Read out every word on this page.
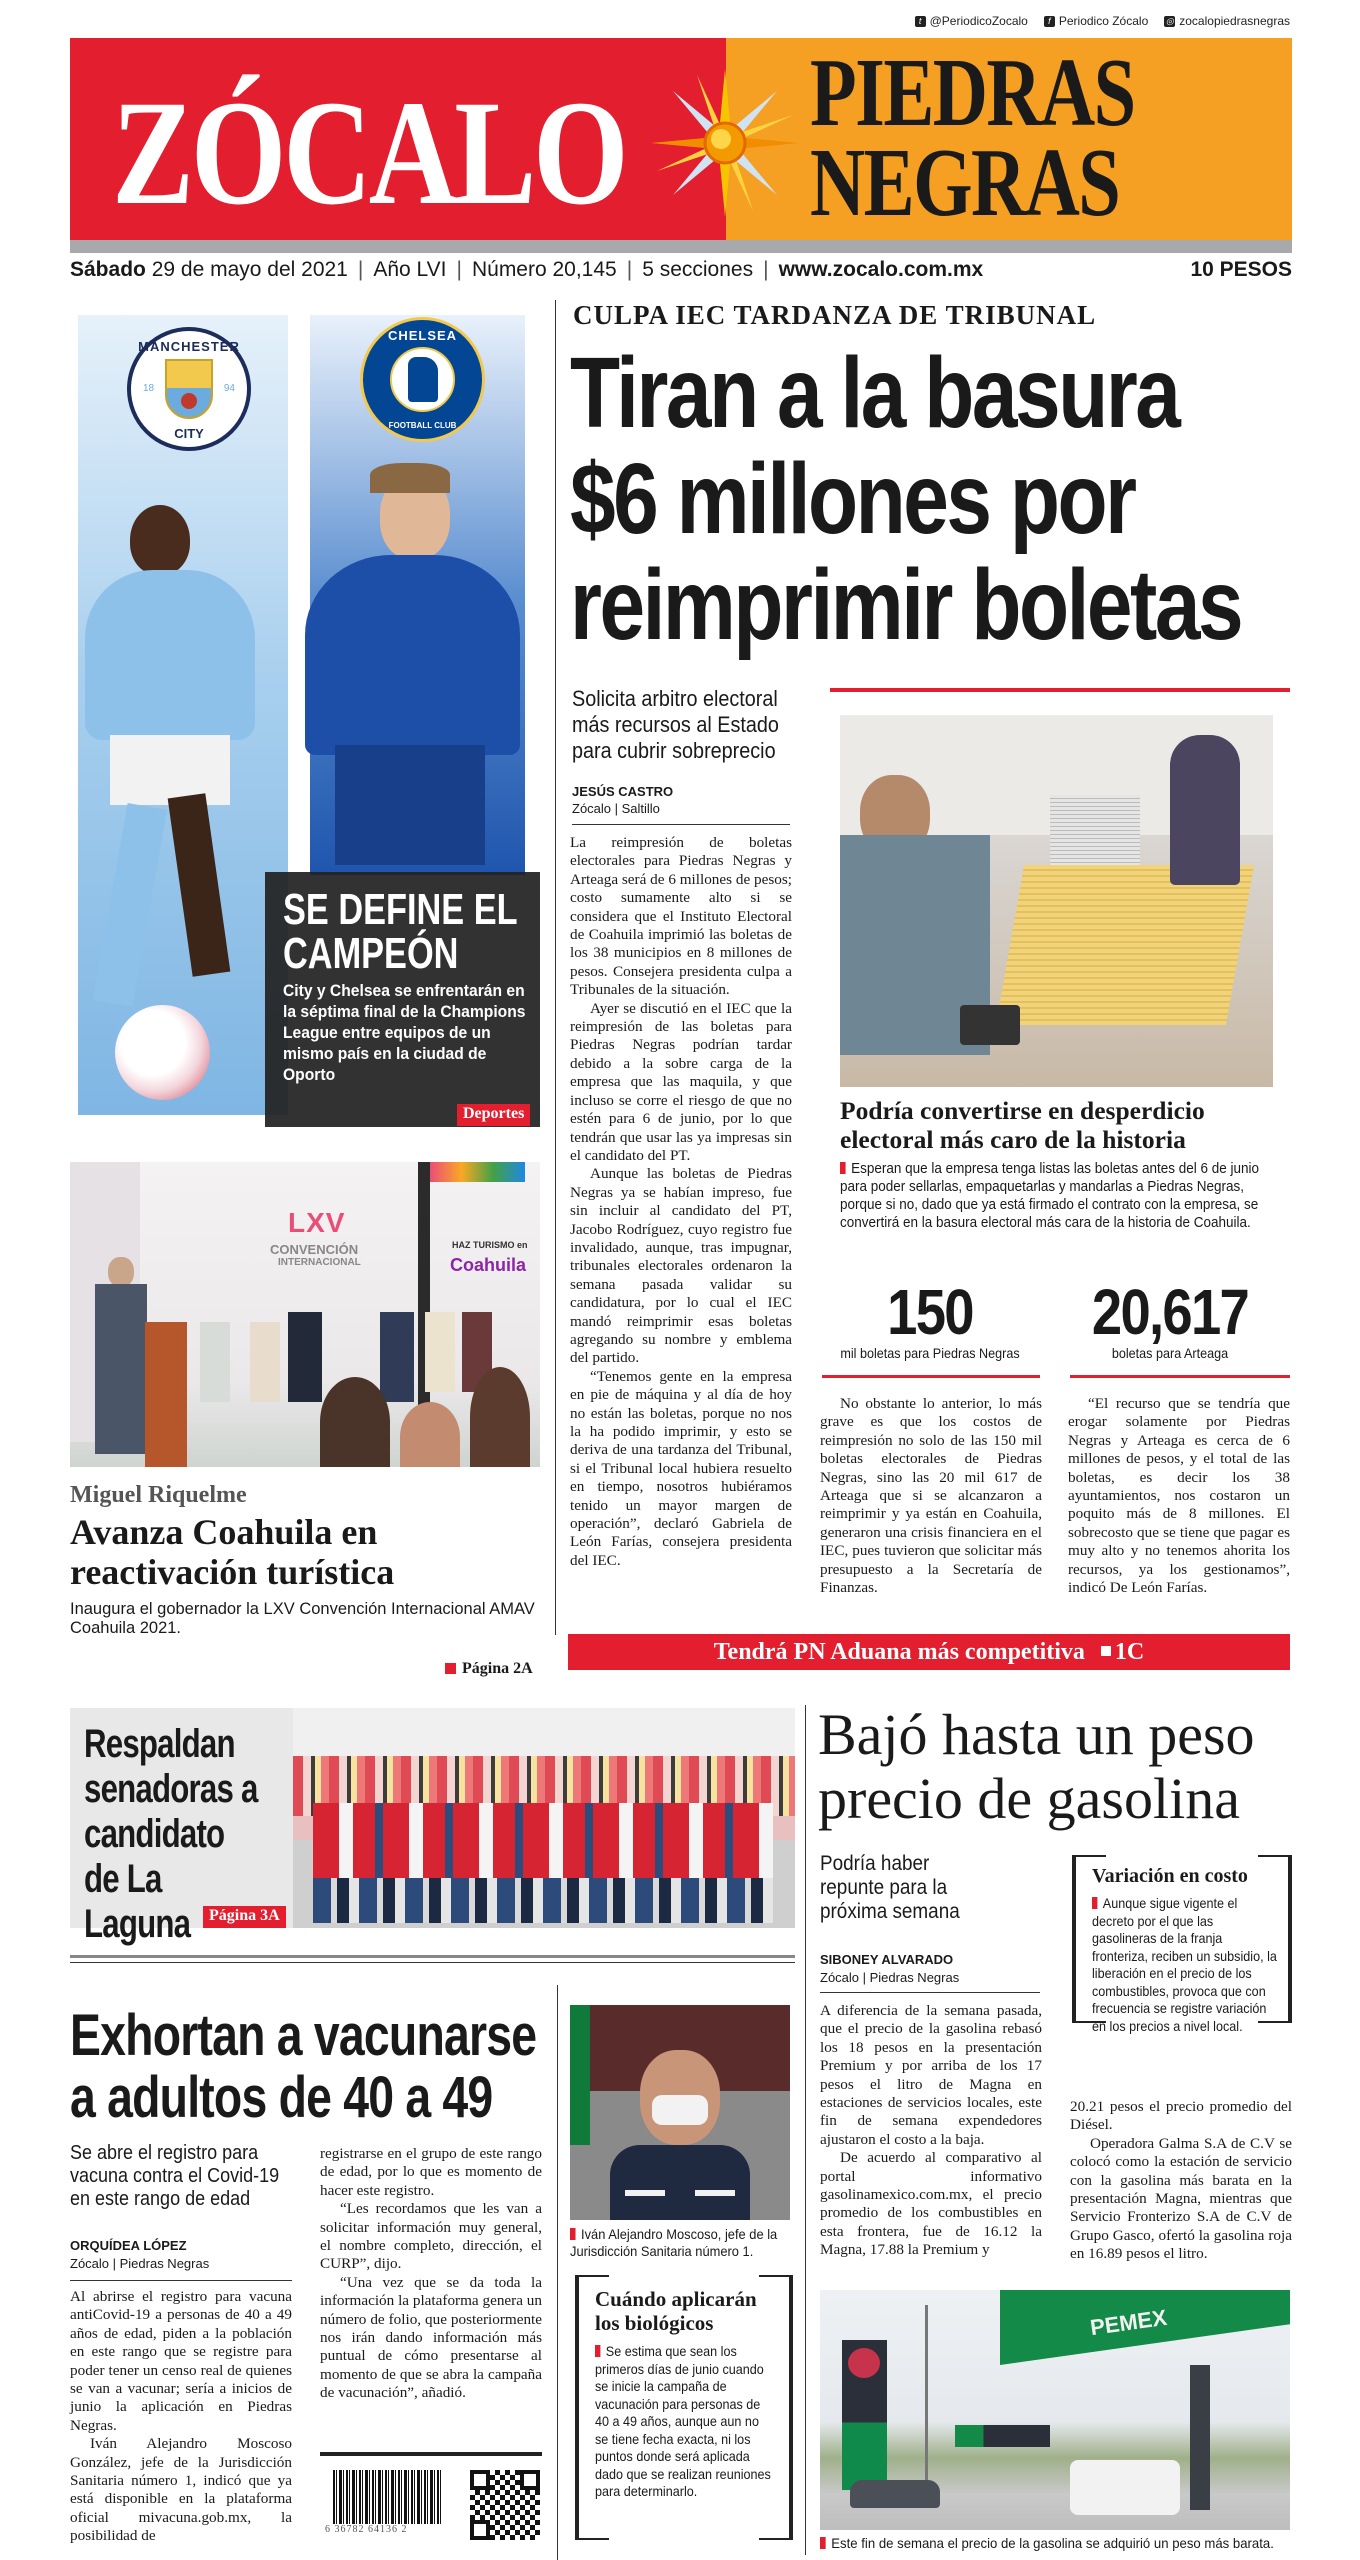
t @PeriodicoZocalo	f Periodico Zócalo ◎ zocalopiedrasnegras
ZÓCALO PIEDRAS
NEGRAS
Sábado 29 de mayo del 2021 | Año LVI | Número 20,145 | 5 secciones | www.zocalo.com.mx	10 PESOS
MANCHESTER
18	94
CITY
CHELSEA
FOOTBALL CLUB
SE DEFINE EL CAMPEÓN
City y Chelsea se enfrentarán en la séptima final de la Champions League entre equipos de un mismo país en la ciudad de Oporto
Deportes
LXV
CONVENCIÓN
INTERNACIONAL
HAZ TURISMO en
Coahuila
Miguel Riquelme
Avanza Coahuila en reactivación turística
Inaugura el gobernador la LXV Convención Internacional AMAV Coahuila 2021.
Página 2A
CULPA IEC TARDANZA DE TRIBUNAL
Tiran a la basura
$6 millones por
reimprimir boletas
Solicita arbitro electoral más recursos al Estado para cubrir sobreprecio
JESÚS CASTRO
Zócalo | Saltillo

La reimpresión de boletas electorales para Piedras Negras y Arteaga será de 6 millones de pesos; costo sumamente alto si se considera que el Instituto Electoral de Coahuila imprimió las boletas de los 38 municipios en 8 millones de pesos. Consejera presidenta culpa a Tribunales de la situación.

Ayer se discutió en el IEC que la reimpresión de las boletas para Piedras Negras podrían tardar debido a la sobre carga de la empresa que las maquila, y que incluso se corre el riesgo de que no estén para 6 de junio, por lo que tendrán que usar las ya impresas sin el candidato del PT.

Aunque las boletas de Piedras Negras ya se habían impreso, fue sin incluir al candidato del PT, Jacobo Rodríguez, cuyo registro fue invalidado, aunque, tras impugnar, tribunales electorales ordenaron la semana pasada validar su candidatura, por lo cual el IEC mandó reimprimir esas boletas agregando su nombre y emblema del partido.

“Tenemos gente en la empresa en pie de máquina y al día de hoy no están las boletas, porque no nos la ha podido imprimir, y esto se deriva de una tardanza del Tribunal, si el Tribunal local hubiera resuelto en tiempo, nosotros hubiéramos tenido un mayor margen de operación”, declaró Gabriela de León Farías, consejera presidenta del IEC.

Podría convertirse en desperdicio electoral más caro de la historia
Esperan que la empresa tenga listas las boletas antes del 6 de junio para poder sellarlas, empaquetarlas y mandarlas a Piedras Negras, porque si no, dado que ya está firmado el contrato con la empresa, se convertirá en la basura electoral más cara de la historia de Coahuila.
150
mil boletas para Piedras Negras
20,617
boletas para Arteaga

No obstante lo anterior, lo más grave es que los costos de reimpresión no solo de las 150 mil boletas electorales de Piedras Negras, sino las 20 mil 617 de Arteaga que si se alcanzaron a reimprimir y ya están en Coahuila, generaron una crisis financiera en el IEC, pues tuvieron que solicitar más presupuesto a la Secretaría de Finanzas.

“El recurso que se tendría que erogar solamente por Piedras Negras y Arteaga es cerca de 6 millones de pesos, y el total de las boletas, es decir los 38 ayuntamientos, nos costaron un poquito más de 8 millones. El sobrecosto que se tiene que pagar es muy alto y no tenemos ahorita los recursos, ya los gestionamos”, indicó De León Farías.

Tendrá PN Aduana más competitiva 1C
Respaldan senadoras a candidato de La Laguna	Página 3A
Bajó hasta un peso precio de gasolina
Podría haber repunte para la próxima semana
SIBONEY ALVARADO
Zócalo | Piedras Negras
Variación en costo
Aunque sigue vigente el decreto por el que las gasolineras de la franja fronteriza, reciben un subsidio, la liberación en el precio de los combustibles, provoca que con frecuencia se registre variación en los precios a nivel local.

A diferencia de la semana pasada, que el precio de la gasolina rebasó los 18 pesos en la presentación Premium y por arriba de los 17 pesos el litro de Magna en estaciones de servicios locales, este fin de semana expendedores ajustaron el costo a la baja.

De acuerdo al comparativo al portal informativo gasolinamexico.com.mx, el precio promedio de los combustibles en esta frontera, fue de 16.12 la Magna, 17.88 la Premium y

20.21 pesos el precio promedio del Diésel.

Operadora Galma S.A de C.V se colocó como la estación de servicio con la gasolina más barata en la presentación Magna, mientras que Servicio Fronterizo S.A de C.V de Grupo Gasco, ofertó la gasolina roja en 16.89 pesos el litro.

PEMEX
Este fin de semana el precio de la gasolina se adquirió un peso más barata.
Exhortan a vacunarse
a adultos de 40 a 49
Se abre el registro para vacuna contra el Covid-19 en este rango de edad
ORQUÍDEA LÓPEZ
Zócalo | Piedras Negras

Al abrirse el registro para vacuna antiCovid-19 a personas de 40 a 49 años de edad, piden a la población en este rango que se registre para poder tener un censo real de quienes se van a vacunar; sería a inicios de junio la aplicación en Piedras Negras.

Iván Alejandro Moscoso González, jefe de la Jurisdicción Sanitaria número 1, indicó que ya está disponible en la plataforma oficial mivacuna.gob.mx, la posibilidad de

registrarse en el grupo de este rango de edad, por lo que es momento de hacer este registro.

“Les recordamos que les van a solicitar información muy general, el nombre completo, dirección, el CURP”, dijo.

“Una vez que se da toda la información la plataforma genera un número de folio, que posteriormente nos irán dando información más puntual de cómo presentarse al momento de que se abra la campaña de vacunación”, añadió.

6 36782 64136 2
Iván Alejandro Moscoso, jefe de la Jurisdicción Sanitaria número 1.
Cuándo aplicarán los biológicos
Se estima que sean los primeros días de junio cuando se inicie la campaña de vacunación para personas de 40 a 49 años, aunque aun no se tiene fecha exacta, ni los puntos donde será aplicada dado que se realizan reuniones para determinarlo.
